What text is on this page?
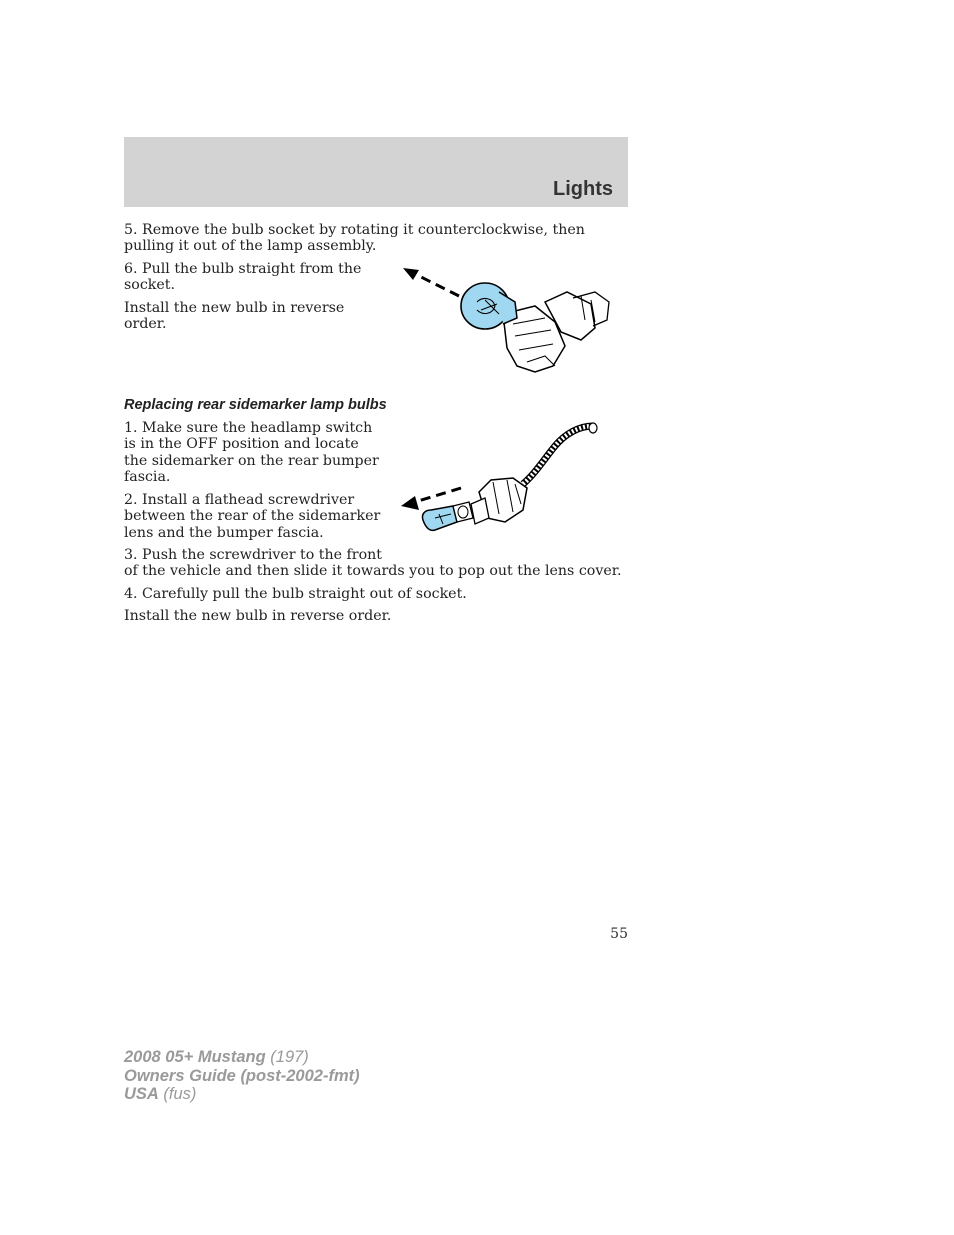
Lights
5. Remove the bulb socket by rotating it counterclockwise, then pulling it out of the lamp assembly.
6. Pull the bulb straight from the socket.
Install the new bulb in reverse order.
Replacing rear sidemarker lamp bulbs
1. Make sure the headlamp switch is in the OFF position and locate the sidemarker on the rear bumper fascia.
2. Install a flathead screwdriver between the rear of the sidemarker lens and the bumper fascia.
3. Push the screwdriver to the front
of the vehicle and then slide it towards you to pop out the lens cover.
4. Carefully pull the bulb straight out of socket.
Install the new bulb in reverse order.
55
2008 05+ Mustang (197)
Owners Guide (post-2002-fmt)
USA (fus)
